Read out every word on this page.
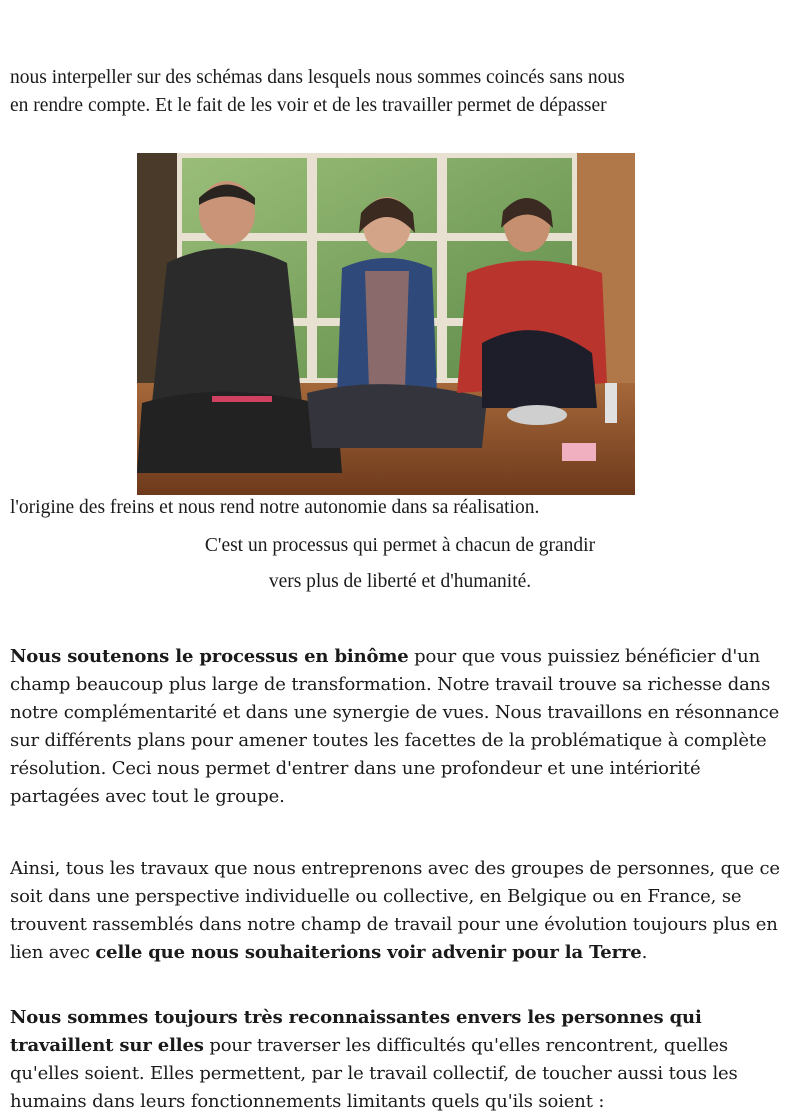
nous interpeller sur des schémas dans lesquels nous sommes coincés sans nous
en rendre compte. Et le fait de les voir et de les travailler permet de dépasser
l'origine des freins et nous rend notre autonomie dans sa réalisation.
C'est un processus qui permet à chacun de grandir
vers plus de liberté et d'humanité.
Nous soutenons le processus en binôme pour que vous puissiez bénéficier d'un champ beaucoup plus large de transformation. Notre travail trouve sa richesse dans notre complémentarité et dans une synergie de vues. Nous travaillons en résonnance sur différents plans pour amener toutes les facettes de la problématique à complète résolution. Ceci nous permet d'entrer dans une profondeur et une intériorité partagées avec tout le groupe.
Ainsi, tous les travaux que nous entreprenons avec des groupes de personnes, que ce soit dans une perspective individuelle ou collective, en Belgique ou en France, se trouvent rassemblés dans notre champ de travail pour une évolution toujours plus en lien avec celle que nous souhaiterions voir advenir pour la Terre.
Nous sommes toujours très reconnaissantes envers les personnes qui travaillent sur elles pour traverser les difficultés qu'elles rencontrent, quelles qu'elles soient. Elles permettent, par le travail collectif, de toucher aussi tous les humains dans leurs fonctionnements limitants quels qu'ils soient :
